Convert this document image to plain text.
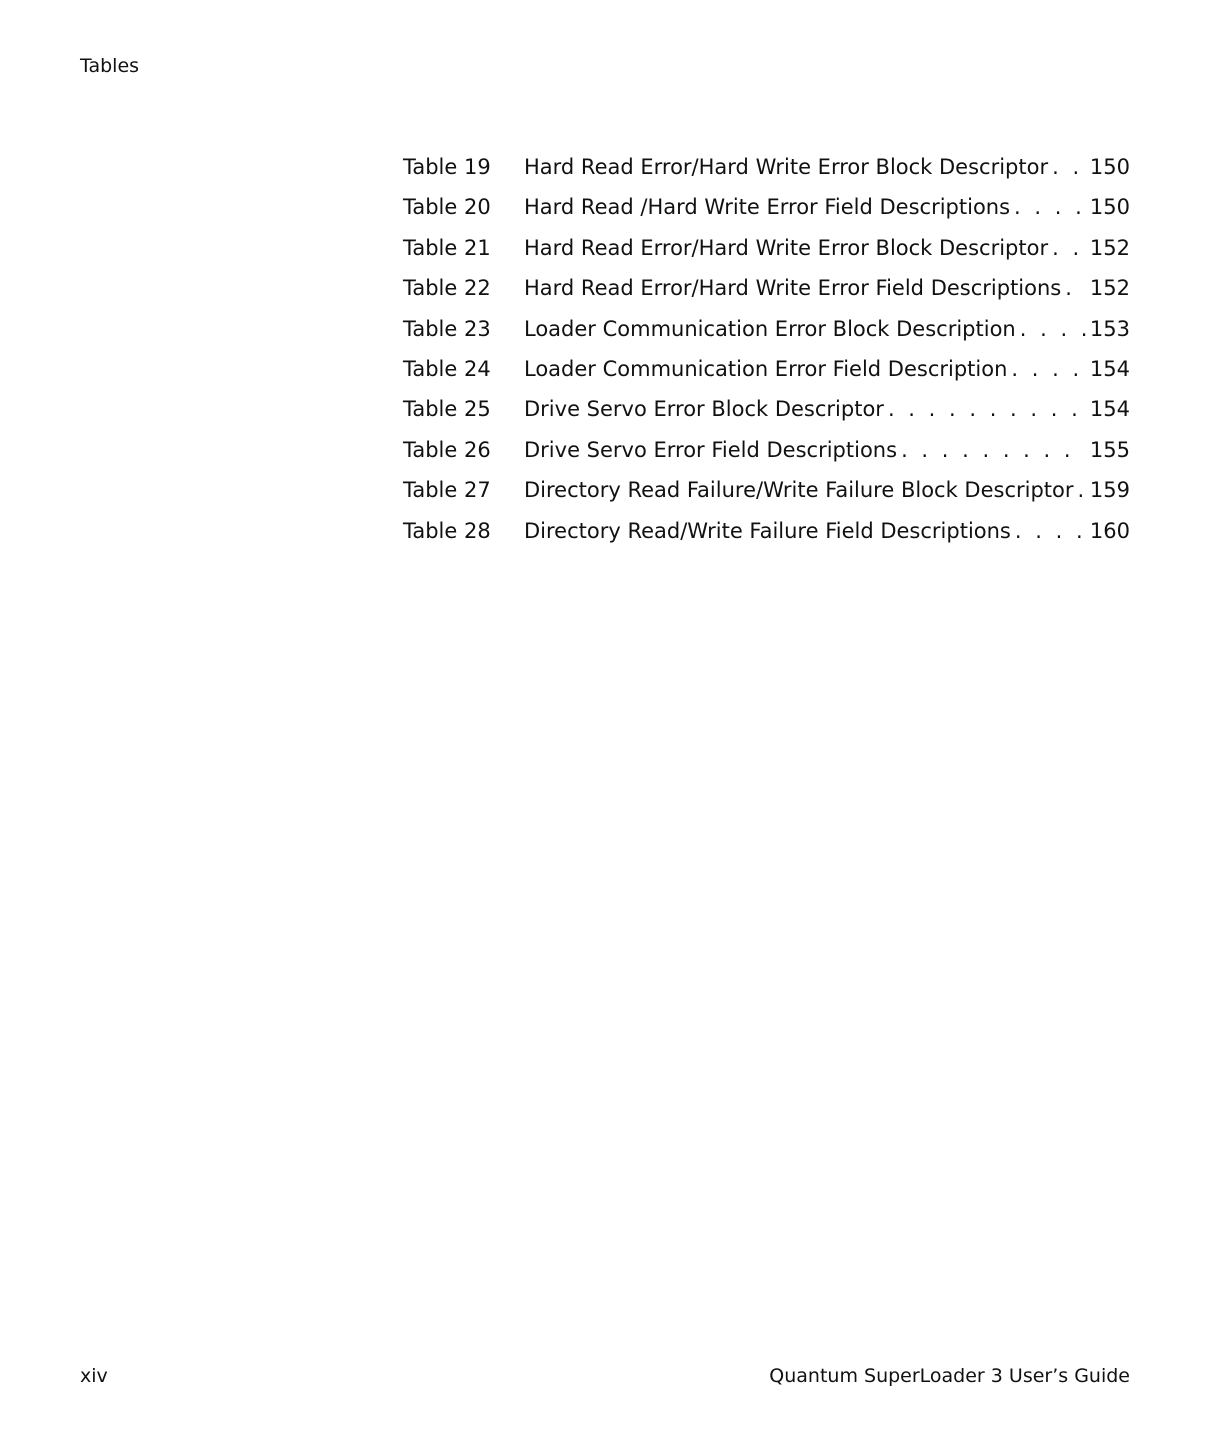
Tables
Table 19	Hard Read Error/Hard Write Error Block Descriptor . . . 150
Table 20	Hard Read /Hard Write Error Field Descriptions . . .	150
Table 21	Hard Read Error/Hard Write Error Block Descriptor . . . 152
Table 22	Hard Read Error/Hard Write Error Field Descriptions . . . 152
Table 23	Loader Communication Error Block Description . . .	153
Table 24	Loader Communication Error Field Description . . .	154
Table 25	Drive Servo Error Block Descriptor . . .	154
Table 26	Drive Servo Error Field Descriptions . . .	155
Table 27	Directory Read Failure/Write Failure Block Descriptor . . . 159
Table 28	Directory Read/Write Failure Field Descriptions . . .	160
xiv	Quantum SuperLoader 3 User’s Guide
